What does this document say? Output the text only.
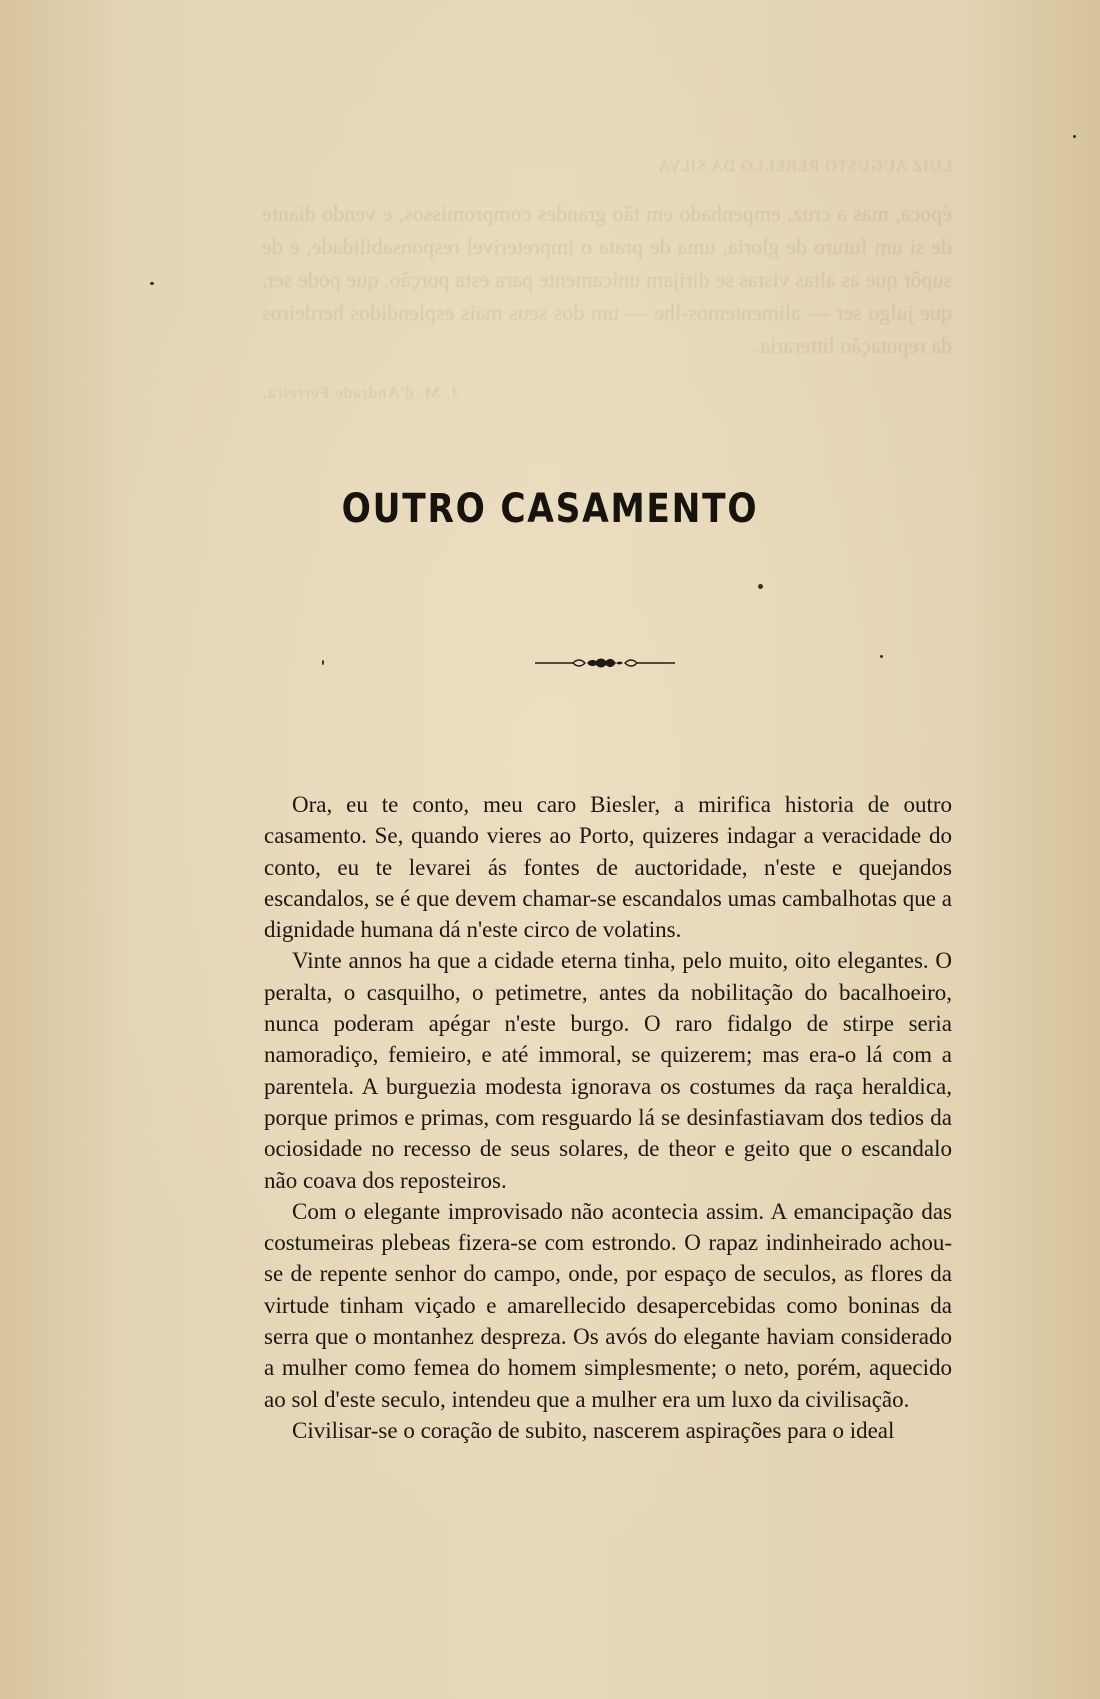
LUIZ AUGUSTO REBELLO DA SILVA
época, mas a cruz, empenhado em tão grandes compromissos, e vendo diante de si um futuro de gloria, uma de prata o impreterivel responsabilidade, e de supôr que as altas vistas se dirijam unicamente para esta porção, que pode ser, que julgo ser — alimentemos-lhe — um dos seus mais esplendidos herdeiros da reputação litteraria.
J. M. d'Andrade Ferreira.
OUTRO CASAMENTO

Ora, eu te conto, meu caro Biesler, a mirifica historia de outro casamento. Se, quando vieres ao Porto, quizeres indagar a veracidade do conto, eu te levarei ás fontes de auctoridade, n'este e quejandos escandalos, se é que devem chamar-se escandalos umas cambalhotas que a dignidade humana dá n'este circo de volatins.

Vinte annos ha que a cidade eterna tinha, pelo muito, oito elegantes. O peralta, o casquilho, o petimetre, antes da nobilitação do bacalhoeiro, nunca poderam apégar n'este burgo. O raro fidalgo de stirpe seria namoradiço, femieiro, e até immoral, se quizerem; mas era-o lá com a parentela. A burguezia modesta ignorava os costumes da raça heraldica, porque primos e primas, com resguardo lá se desinfastiavam dos tedios da ociosidade no recesso de seus solares, de theor e geito que o escandalo não coava dos reposteiros.

Com o elegante improvisado não acontecia assim. A emancipação das costumeiras plebeas fizera-se com estrondo. O rapaz indinheirado achou-se de repente senhor do campo, onde, por espaço de seculos, as flores da virtude tinham viçado e amarellecido desapercebidas como boninas da serra que o montanhez despreza. Os avós do elegante haviam considerado a mulher como femea do homem simplesmente; o neto, porém, aquecido ao sol d'este seculo, intendeu que a mulher era um luxo da civilisação.

Civilisar-se o coração de subito, nascerem aspirações para o ideal
